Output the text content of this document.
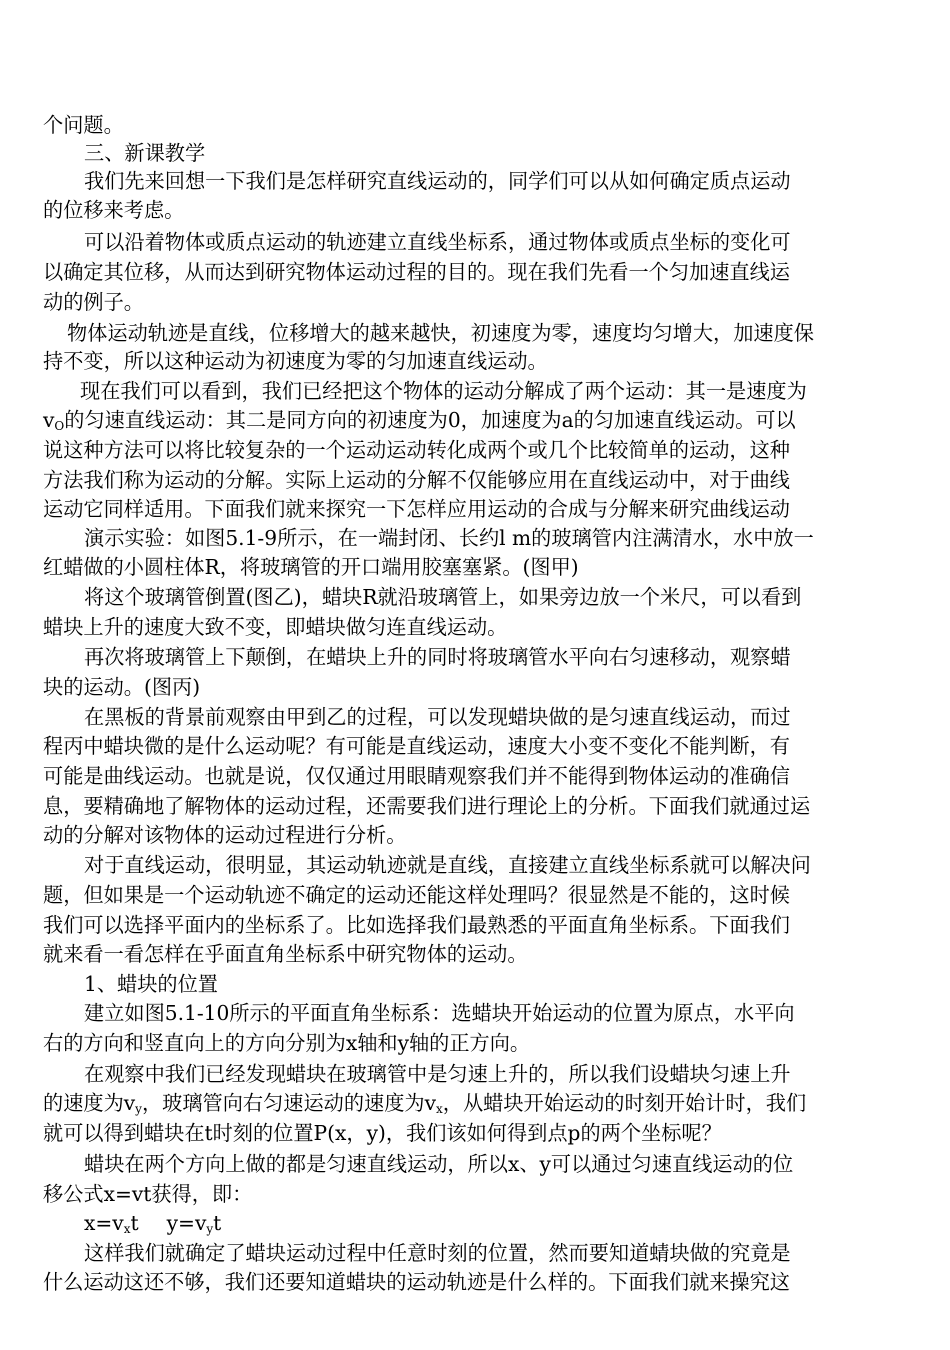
个问题。
三、新课教学
我们先来回想一下我们是怎样研究直线运动的，同学们可以从如何确定质点运动
的位移来考虑。
可以沿着物体或质点运动的轨迹建立直线坐标系，通过物体或质点坐标的变化可
以确定其位移，从而达到研究物体运动过程的目的。现在我们先看一个匀加速直线运
动的例子。
物体运动轨迹是直线，位移增大的越来越快，初速度为零，速度均匀增大，加速度保
持不变，所以这种运动为初速度为零的匀加速直线运动。
现在我们可以看到，我们已经把这个物体的运动分解成了两个运动：其一是速度为
$v_O$的匀速直线运动：其二是同方向的初速度为0，加速度为a的匀加速直线运动。可以
说这种方法可以将比较复杂的一个运动运动转化成两个或几个比较简单的运动，这种
方法我们称为运动的分解。实际上运动的分解不仅能够应用在直线运动中，对于曲线
运动它同样适用。下面我们就来探究一下怎样应用运动的合成与分解来研究曲线运动
演示实验：如图5.1-9所示，在一端封闭、长约l m的玻璃管内注满清水，水中放一
红蜡做的小圆柱体R，将玻璃管的开口端用胶塞塞紧。(图甲)
将这个玻璃管倒置(图乙)，蜡块R就沿玻璃管上，如果旁边放一个米尺，可以看到
蜡块上升的速度大致不变，即蜡块做匀连直线运动。
再次将玻璃管上下颠倒，在蜡块上升的同时将玻璃管水平向右匀速移动，观察蜡
块的运动。(图丙)
在黑板的背景前观察由甲到乙的过程，可以发现蜡块做的是匀速直线运动，而过
程丙中蜡块微的是什么运动呢？有可能是直线运动，速度大小变不变化不能判断，有
可能是曲线运动。也就是说，仅仅通过用眼睛观察我们并不能得到物体运动的准确信
息，要精确地了解物体的运动过程，还需要我们进行理论上的分析。下面我们就通过运
动的分解对该物体的运动过程进行分析。
对于直线运动，很明显，其运动轨迹就是直线，直接建立直线坐标系就可以解决问
题，但如果是一个运动轨迹不确定的运动还能这样处理吗？很显然是不能的，这时候
我们可以选择平面内的坐标系了。比如选择我们最熟悉的平面直角坐标系。下面我们
就来看一看怎样在乎面直角坐标系中研究物体的运动。
1、蜡块的位置
建立如图5.1-10所示的平面直角坐标系：选蜡块开始运动的位置为原点，水平向
右的方向和竖直向上的方向分别为x轴和y轴的正方向。
在观察中我们已经发现蜡块在玻璃管中是匀速上升的，所以我们设蜡块匀速上升
的速度为$v_y$，玻璃管向右匀速运动的速度为$v_x$，从蜡块开始运动的时刻开始计时，我们
就可以得到蜡块在t时刻的位置P(x，y)，我们该如何得到点p的两个坐标呢？
蜡块在两个方向上做的都是匀速直线运动，所以x、y可以通过匀速直线运动的位
移公式x=vt获得，即：
$x=v_xt$ $y=v_yt$
这样我们就确定了蜡块运动过程中任意时刻的位置，然而要知道蜻块做的究竟是
什么运动这还不够，我们还要知道蜡块的运动轨迹是什么样的。下面我们就来操究这
